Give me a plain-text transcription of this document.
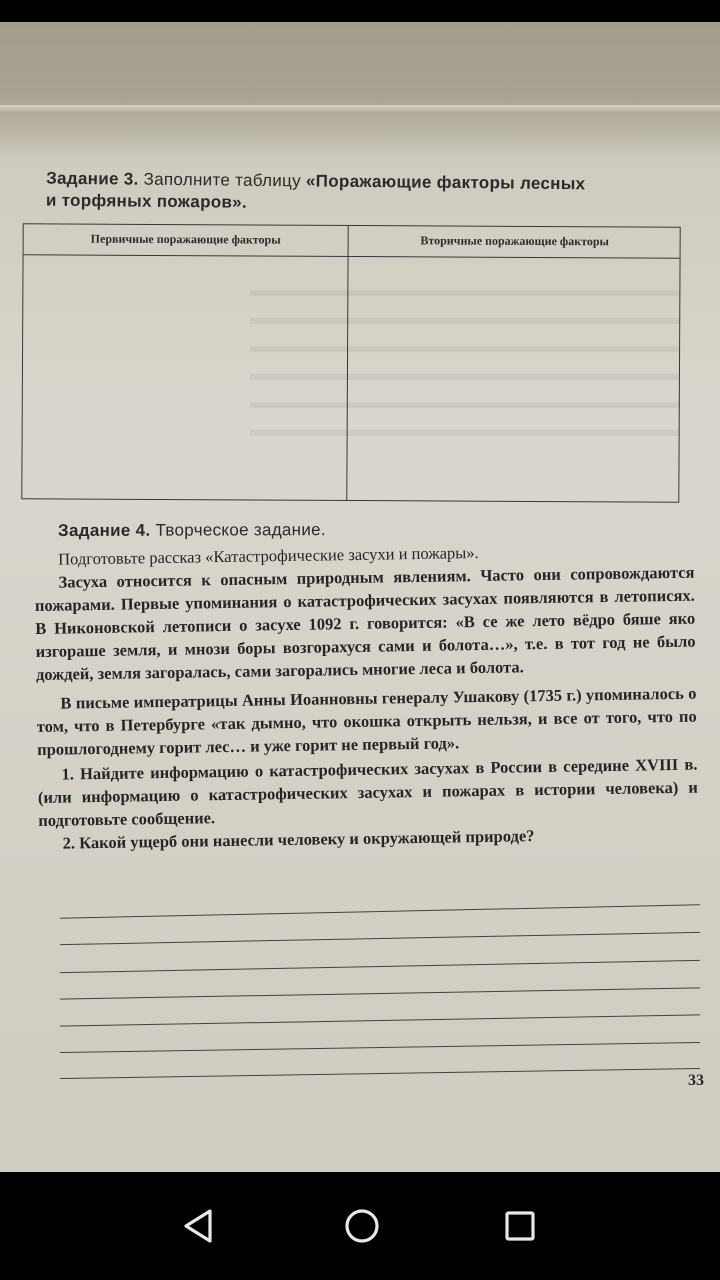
Задание 3. Заполните таблицу «Поражающие факторы лесных
и торфяных пожаров».
Первичные поражающие факторы	Вторичные поражающие факторы
Задание 4. Творческое задание.

Подготовьте рассказ «Катастрофические засухи и пожары».

Засуха относится к опасным природным явлениям. Часто они сопровождаются пожарами. Первые упоминания о катастрофических засухах появляются в летописях. В Никоновской летописи о засухе 1092 г. говорится: «В се же лето вёдро бяше яко изгораше земля, и мнози боры возгорахуся сами и болота…», т.е. в тот год не было дождей, земля загоралась, сами загорались многие леса и болота.

В письме императрицы Анны Иоанновны генералу Ушакову (1735 г.) упоминалось о том, что в Петербурге «так дымно, что окошка открыть нельзя, и все от того, что по прошлогоднему горит лес… и уже горит не первый год».

1. Найдите информацию о катастрофических засухах в России в середине XVIII в. (или информацию о катастрофических засухах и пожарах в истории человека) и подготовьте сообщение.

2. Какой ущерб они нанесли человеку и окружающей природе?

33
